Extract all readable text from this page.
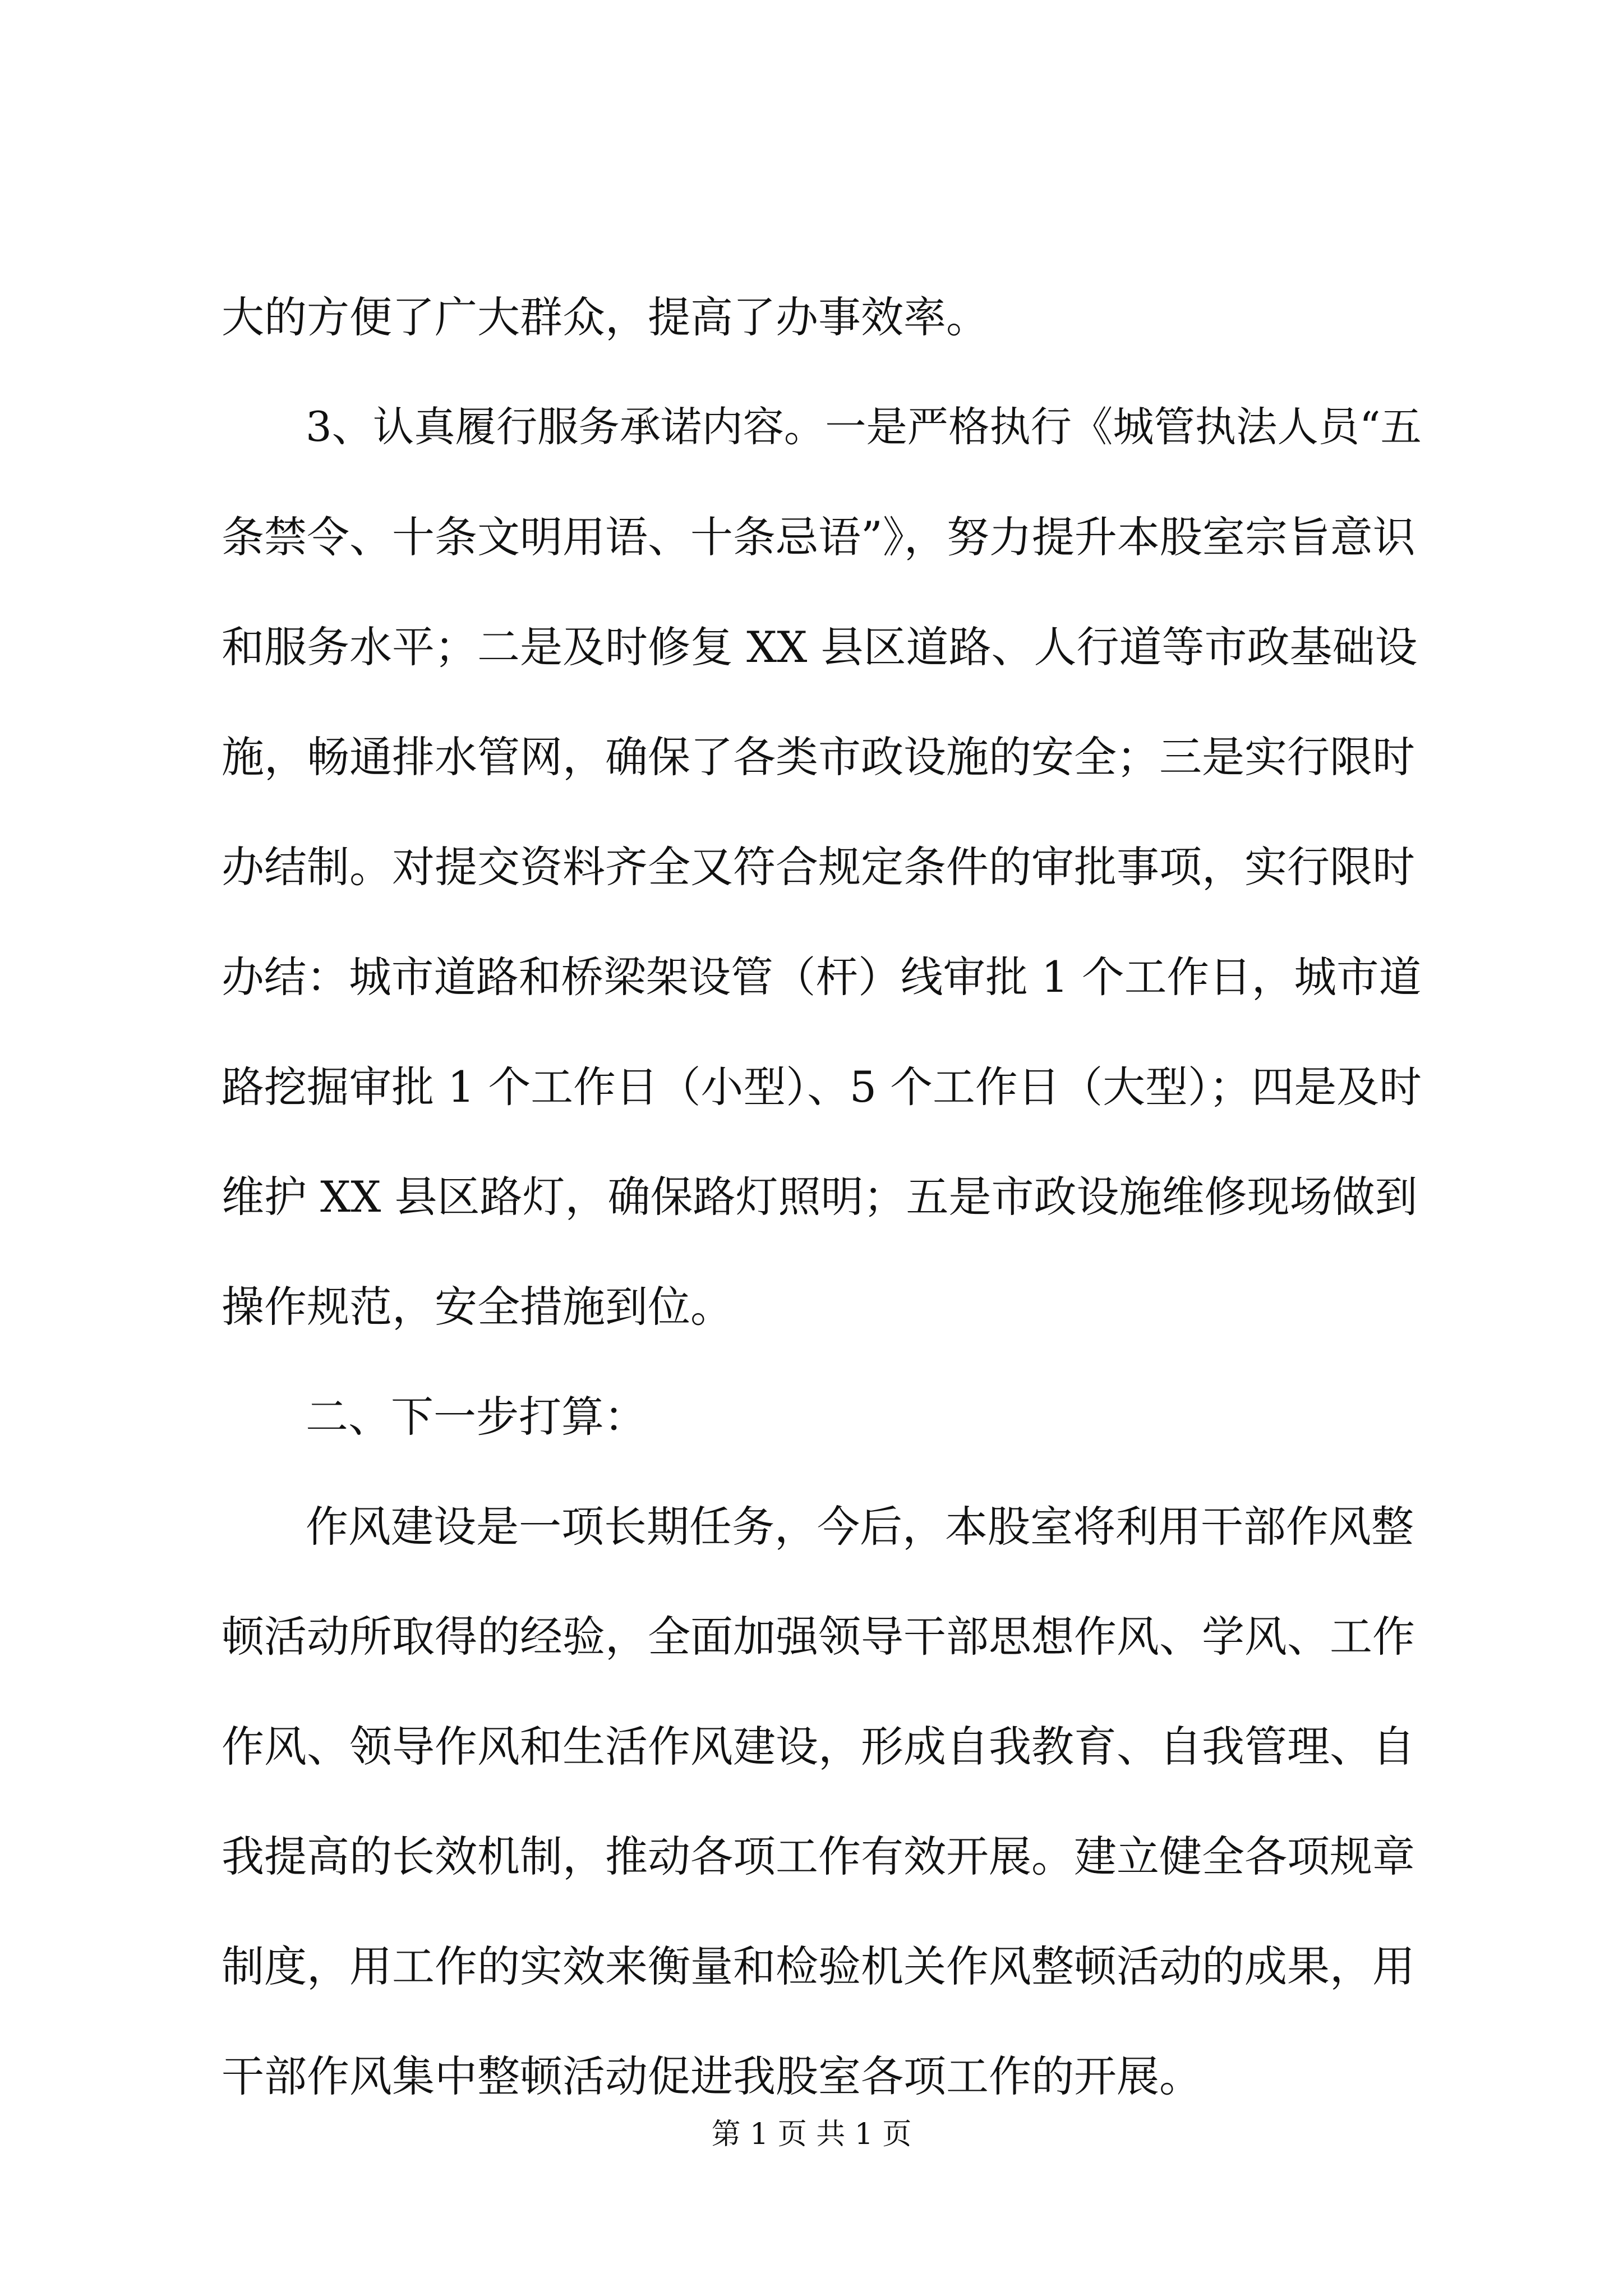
大的方便了广大群众，提高了办事效率。
3、认真履行服务承诺内容。一是严格执行《城管执法人员“五
条禁令、十条文明用语、十条忌语”》，努力提升本股室宗旨意识
和服务水平；二是及时修复 XX 县区道路、人行道等市政基础设
施，畅通排水管网，确保了各类市政设施的安全；三是实行限时
办结制。对提交资料齐全又符合规定条件的审批事项，实行限时
办结：城市道路和桥梁架设管（杆）线审批 1 个工作日，城市道
路挖掘审批 1 个工作日（小型）、5 个工作日（大型）；四是及时
维护 XX 县区路灯，确保路灯照明；五是市政设施维修现场做到
操作规范，安全措施到位。
二、下一步打算：
作风建设是一项长期任务，今后，本股室将利用干部作风整
顿活动所取得的经验，全面加强领导干部思想作风、学风、工作
作风、领导作风和生活作风建设，形成自我教育、自我管理、自
我提高的长效机制，推动各项工作有效开展。建立健全各项规章
制度，用工作的实效来衡量和检验机关作风整顿活动的成果，用
干部作风集中整顿活动促进我股室各项工作的开展。
第 1 页 共 1 页
